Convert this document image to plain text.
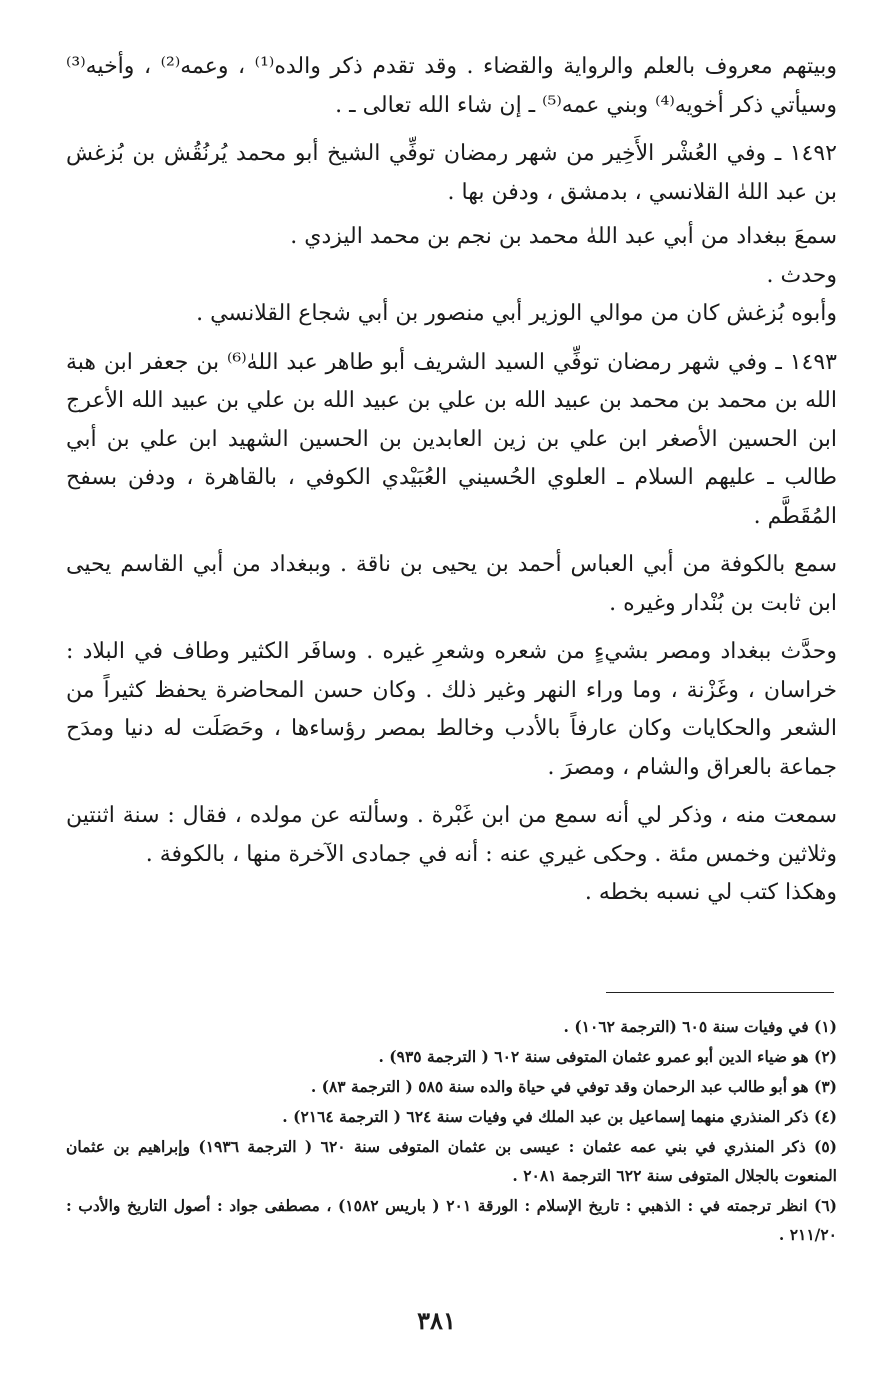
وبيتهم معروف بالعلم والرواية والقضاء . وقد تقدم ذكر والده⁽¹⁾ ، وعمه⁽²⁾ ، وأخيه⁽³⁾ وسيأتي ذكر أخويه⁽⁴⁾ وبني عمه⁽⁵⁾ ـ إن شاء الله تعالى ـ .

١٤٩٢ ـ وفي العُشْر الأَخِير من شهر رمضان توفِّي الشيخ أبو محمد يُرنُقُش بن بُزغش بن عبد اللهٰ القلانسي ، بدمشق ، ودفن بها .

سمعَ ببغداد من أبي عبد اللهٰ محمد بن نجم بن محمد اليزدي .

وحدث .

وأبوه بُزغش كان من موالي الوزير أبي منصور بن أبي شجاع القلانسي .

١٤٩٣ ـ وفي شهر رمضان توفِّي السيد الشريف أبو طاهر عبد اللهٰ⁽⁶⁾ بن جعفر ابن هبة الله بن محمد بن محمد بن عبيد الله بن علي بن عبيد الله بن علي بن عبيد الله الأعرج ابن الحسين الأصغر ابن علي بن زين العابدين بن الحسين الشهيد ابن علي بن أبي طالب ـ عليهم السلام ـ العلوي الحُسيني العُبَيْدي الكوفي ، بالقاهرة ، ودفن بسفح المُقَطَّم .

سمع بالكوفة من أبي العباس أحمد بن يحيى بن ناقة . وببغداد من أبي القاسم يحيى ابن ثابت بن بُنْدار وغيره .

وحدَّث ببغداد ومصر بشيءٍ من شعره وشعرِ غيره . وسافَر الكثير وطاف في البلاد : خراسان ، وغَزْنة ، وما وراء النهر وغير ذلك . وكان حسن المحاضرة يحفظ كثيراً من الشعر والحكايات وكان عارفاً بالأدب وخالط بمصر رؤساءها ، وحَصَلَت له دنيا ومدَح جماعة بالعراق والشام ، ومصرَ .

سمعت منه ، وذكر لي أنه سمع من ابن غَبْرة . وسألته عن مولده ، فقال : سنة اثنتين وثلاثين وخمس مئة . وحكى غيري عنه : أنه في جمادى الآخرة منها ، بالكوفة .

وهكذا كتب لي نسبه بخطه .

(١) في وفيات سنة ٦٠٥ (الترجمة ١٠٦٢) .

(٢) هو ضياء الدين أبو عمرو عثمان المتوفى سنة ٦٠٢ ( الترجمة ٩٣٥) .

(٣) هو أبو طالب عبد الرحمان وقد توفي في حياة والده سنة ٥٨٥ ( الترجمة ٨٣) .

(٤) ذكر المنذري منهما إسماعيل بن عبد الملك في وفيات سنة ٦٢٤ ( الترجمة ٢١٦٤) .

(٥) ذكر المنذري في بني عمه عثمان : عيسى بن عثمان المتوفى سنة ٦٢٠ ( الترجمة ١٩٣٦) وإبراهيم بن عثمان المنعوت بالجلال المتوفى سنة ٦٢٢ الترجمة ٢٠٨١ .

(٦) انظر ترجمته في : الذهبي : تاريخ الإسلام : الورقة ٢٠١ ( باريس ١٥٨٢) ، مصطفى جواد : أصول التاريخ والأدب : ٢١١/٢٠ .

٣٨١
